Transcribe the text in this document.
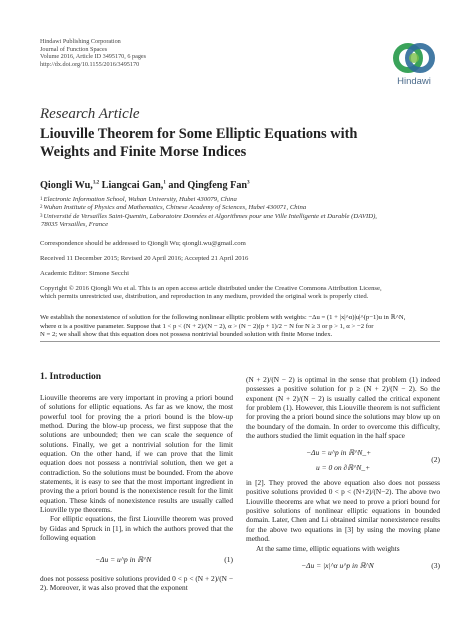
Hindawi Publishing Corporation
Journal of Function Spaces
Volume 2016, Article ID 3495170, 6 pages
http://dx.doi.org/10.1155/2016/3495170
Hindawi
Research Article
Liouville Theorem for Some Elliptic Equations with
Weights and Finite Morse Indices
Qiongli Wu,$^{1,2}$ Liangcai Gan,$^1$ and Qingfeng Fan$^3$
1 Electronic Information School, Wuhan University, Hubei 430079, China
2 Wuhan Institute of Physics and Mathematics, Chinese Academy of Sciences, Hubei 430071, China
3 Université de Versailles Saint-Quentin, Laboratoire Données et Algorithmes pour une Ville Intelligente et Durable (DAVID),
78035 Versailles, France
Correspondence should be addressed to Qiongli Wu; qiongli.wu@gmail.com
Received 11 December 2015; Revised 20 April 2016; Accepted 21 April 2016
Academic Editor: Simone Secchi
Copyright © 2016 Qiongli Wu et al. This is an open access article distributed under the Creative Commons Attribution License,
which permits unrestricted use, distribution, and reproduction in any medium, provided the original work is properly cited.
We establish the nonexistence of solution for the following nonlinear elliptic problem with weights: −Δu = (1 + |x|^α)|u|^(p−1)u in ℝ^N,
where α is a positive parameter. Suppose that 1 < p < (N + 2)/(N − 2), α > (N − 2)(p + 1)/2 − N for N ≥ 3 or p > 1, α > −2 for
N = 2; we shall show that this equation does not possess nontrivial bounded solution with finite Morse index.
1. Introduction

Liouville theorems are very important in proving a priori bound of solutions for elliptic equations. As far as we know, the most powerful tool for proving the a priori bound is the blow-up method. During the blow-up process, we first suppose that the solutions are unbounded; then we can scale the sequence of solutions. Finally, we get a nontrivial solution for the limit equation. On the other hand, if we can prove that the limit equation does not possess a nontrivial solution, then we get a contradiction. So the solutions must be bounded. From the above statements, it is easy to see that the most important ingredient in proving the a priori bound is the nonexistence result for the limit equation. These kinds of nonexistence results are usually called Liouville type theorems.

For elliptic equations, the first Liouville theorem was proved by Gidas and Spruck in [1], in which the authors proved that the following equation

−Δu = u^p in ℝ^N	(1)

does not possess positive solutions provided 0 < p < (N + 2)/(N − 2). Moreover, it was also proved that the exponent

(N + 2)/(N − 2) is optimal in the sense that problem (1) indeed possesses a positive solution for p ≥ (N + 2)/(N − 2). So the exponent (N + 2)/(N − 2) is usually called the critical exponent for problem (1). However, this Liouville theorem is not sufficient for proving the a priori bound since the solutions may blow up on the boundary of the domain. In order to overcome this difficulty, the authors studied the limit equation in the half space

−Δu = u^p in ℝ^N_+
u = 0 on ∂ℝ^N_+
(2)

in [2]. They proved the above equation also does not possess positive solutions provided 0 < p < (N+2)/(N−2). The above two Liouville theorems are what we need to prove a priori bound for positive solutions of nonlinear elliptic equations in bounded domain. Later, Chen and Li obtained similar nonexistence results for the above two equations in [3] by using the moving plane method.

At the same time, elliptic equations with weights

−Δu = |x|^α u^p in ℝ^N	(3)
